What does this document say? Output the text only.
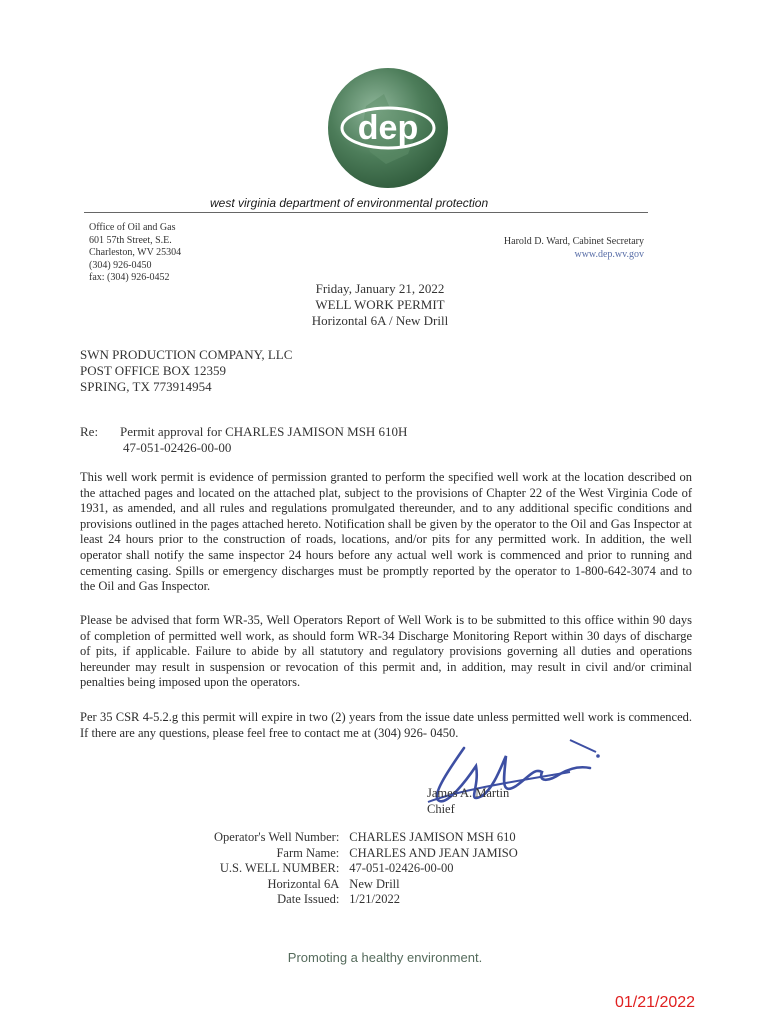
dep
west virginia department of environmental protection
Office of Oil and Gas
601 57th Street, S.E.
Charleston, WV 25304
(304) 926-0450
fax: (304) 926-0452
Harold D. Ward, Cabinet Secretary
www.dep.wv.gov
Friday, January 21, 2022
WELL WORK PERMIT
Horizontal 6A / New Drill
SWN PRODUCTION COMPANY, LLC
POST OFFICE BOX 12359
SPRING, TX 773914954
Re: Permit approval for CHARLES JAMISON MSH 610H
47-051-02426-00-00

This well work permit is evidence of permission granted to perform the specified well work at the location described on the attached pages and located on the attached plat, subject to the provisions of Chapter 22 of the West Virginia Code of 1931, as amended, and all rules and regulations promulgated thereunder, and to any additional specific conditions and provisions outlined in the pages attached hereto. Notification shall be given by the operator to the Oil and Gas Inspector at least 24 hours prior to the construction of roads, locations, and/or pits for any permitted work. In addition, the well operator shall notify the same inspector 24 hours before any actual well work is commenced and prior to running and cementing casing. Spills or emergency discharges must be promptly reported by the operator to 1-800-642-3074 and to the Oil and Gas Inspector.

Please be advised that form WR-35, Well Operators Report of Well Work is to be submitted to this office within 90 days of completion of permitted well work, as should form WR-34 Discharge Monitoring Report within 30 days of discharge of pits, if applicable. Failure to abide by all statutory and regulatory provisions governing all duties and operations hereunder may result in suspension or revocation of this permit and, in addition, may result in civil and/or criminal penalties being imposed upon the operators.

Per 35 CSR 4-5.2.g this permit will expire in two (2) years from the issue date unless permitted well work is commenced. If there are any questions, please feel free to contact me at (304) 926- 0450.

James A. Martin
Chief
Operator's Well Number:	CHARLES JAMISON MSH 610
Farm Name:	CHARLES AND JEAN JAMISO
U.S. WELL NUMBER:	47-051-02426-00-00
Horizontal 6A	New Drill
Date Issued:	1/21/2022
Promoting a healthy environment.
01/21/2022
